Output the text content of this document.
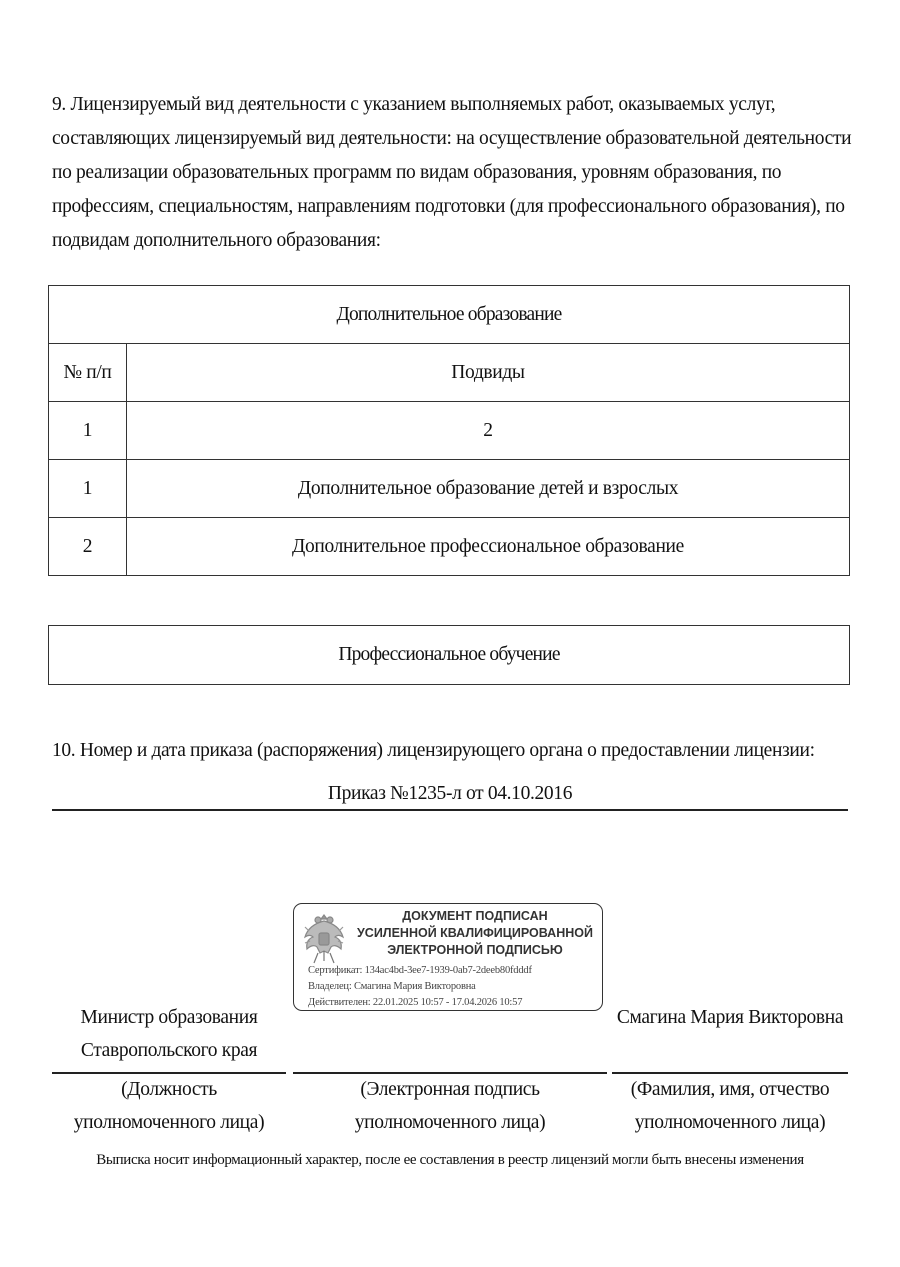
9. Лицензируемый вид деятельности с указанием выполняемых работ, оказываемых услуг, составляющих лицензируемый вид деятельности: на осуществление образовательной деятельности по реализации образовательных программ по видам образования, уровням образования, по профессиям, специальностям, направлениям подготовки (для профессионального образования), по подвидам дополнительного образования:
Дополнительное образование	
№ п/п	Подвиды
1	2
1	Дополнительное образование детей и взрослых
2	Дополнительное профессиональное образование
Профессиональное обучение
10. Номер и дата приказа (распоряжения) лицензирующего органа о предоставлении лицензии:
Приказ №1235-л от 04.10.2016
ДОКУМЕНТ ПОДПИСАН
УСИЛЕННОЙ КВАЛИФИЦИРОВАННОЙ
ЭЛЕКТРОННОЙ ПОДПИСЬЮ
Сертификат: 134ac4bd-3ee7-1939-0ab7-2deeb80fdddf
Владелец: Смагина Мария Викторовна
Действителен: 22.01.2025 10:57 - 17.04.2026 10:57
Министр образования
Ставропольского края
Смагина Мария Викторовна
(Должность
уполномоченного лица)
(Электронная подпись
уполномоченного лица)
(Фамилия, имя, отчество
уполномоченного лица)
Выписка носит информационный характер, после ее составления в реестр лицензий могли быть внесены изменения
